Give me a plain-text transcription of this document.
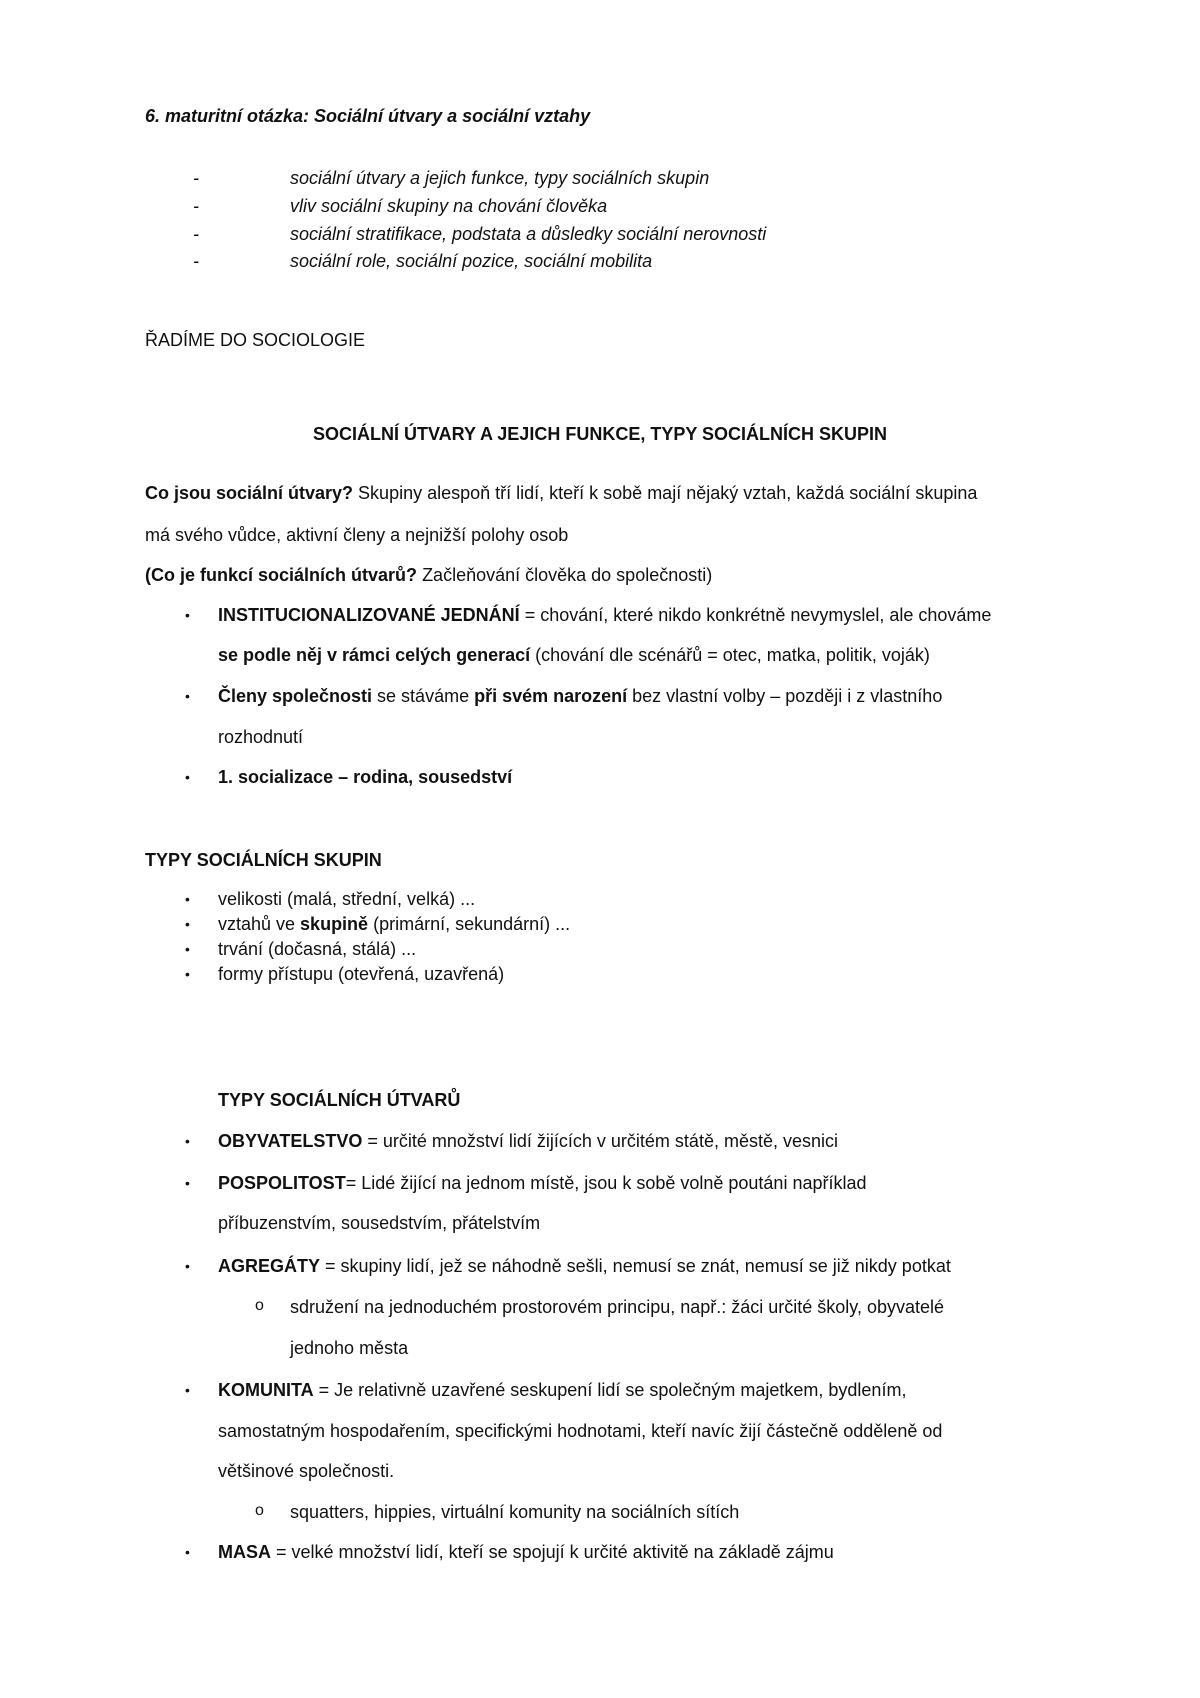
6. maturitní otázka: Sociální útvary a sociální vztahy
-	sociální útvary a jejich funkce, typy sociálních skupin
-	vliv sociální skupiny na chování člověka
-	sociální stratifikace, podstata a důsledky sociální nerovnosti
-	sociální role, sociální pozice, sociální mobilita
ŘADÍME DO SOCIOLOGIE
SOCIÁLNÍ ÚTVARY A JEJICH FUNKCE, TYPY SOCIÁLNÍCH SKUPIN
Co jsou sociální útvary? Skupiny alespoň tří lidí, kteří k sobě mají nějaký vztah, každá sociální skupina
má svého vůdce, aktivní členy a nejnižší polohy osob
(Co je funkcí sociálních útvarů? Začleňování člověka do společnosti)
• INSTITUCIONALIZOVANÉ JEDNÁNÍ = chování, které nikdo konkrétně nevymyslel, ale chováme
se podle něj v rámci celých generací (chování dle scénářů = otec, matka, politik, voják)
• Členy společnosti se stáváme při svém narození bez vlastní volby – později i z vlastního
rozhodnutí
• 1. socializace – rodina, sousedství
TYPY SOCIÁLNÍCH SKUPIN
• velikosti (malá, střední, velká) ...
• vztahů ve skupině (primární, sekundární) ...
• trvání (dočasná, stálá) ...
• formy přístupu (otevřená, uzavřená)
TYPY SOCIÁLNÍCH ÚTVARŮ
• OBYVATELSTVO = určité množství lidí žijících v určitém státě, městě, vesnici
• POSPOLITOST= Lidé žijící na jednom místě, jsou k sobě volně poutáni například
příbuzenstvím, sousedstvím, přátelstvím
• AGREGÁTY = skupiny lidí, jež se náhodně sešli, nemusí se znát, nemusí se již nikdy potkat
o sdružení na jednoduchém prostorovém principu, např.: žáci určité školy, obyvatelé
jednoho města
• KOMUNITA = Je relativně uzavřené seskupení lidí se společným majetkem, bydlením,
samostatným hospodařením, specifickými hodnotami, kteří navíc žijí částečně odděleně od
většinové společnosti.
o squatters, hippies, virtuální komunity na sociálních sítích
• MASA = velké množství lidí, kteří se spojují k určité aktivitě na základě zájmu
